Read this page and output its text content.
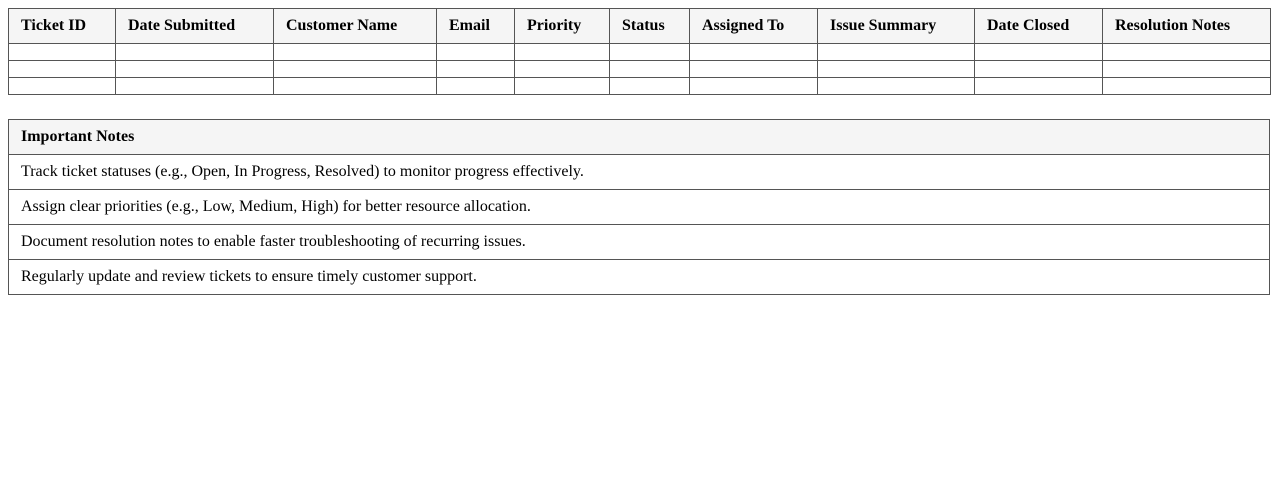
Ticket ID	Date Submitted	Customer Name	Email	Priority	Status	Assigned To	Issue Summary	Date Closed	Resolution Notes

Important Notes
Track ticket statuses (e.g., Open, In Progress, Resolved) to monitor progress effectively.
Assign clear priorities (e.g., Low, Medium, High) for better resource allocation.
Document resolution notes to enable faster troubleshooting of recurring issues.
Regularly update and review tickets to ensure timely customer support.
